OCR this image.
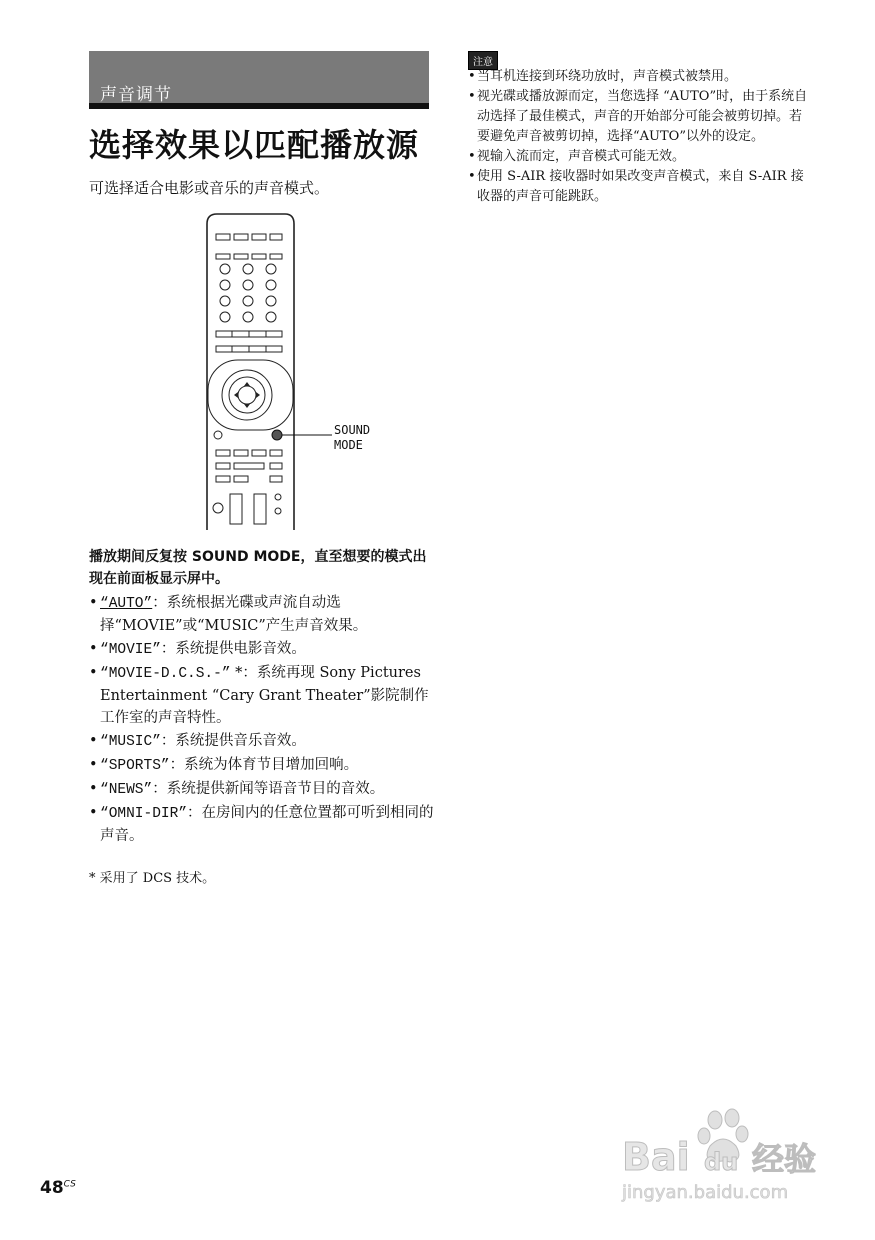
声音调节
选择效果以匹配播放源
可选择适合电影或音乐的声音模式。
SOUND
MODE
播放期间反复按 SOUND MODE，直至想要的模式出现在前面板显示屏中。
• “AUTO”：系统根据光碟或声流自动选择“MOVIE”或“MUSIC”产生声音效果。
• “MOVIE”：系统提供电影音效。
• “MOVIE-D.C.S.-” *：系统再现 Sony Pictures Entertainment “Cary Grant Theater”影院制作工作室的声音特性。
• “MUSIC”：系统提供音乐音效。
• “SPORTS”：系统为体育节目增加回响。
• “NEWS”：系统提供新闻等语音节目的音效。
• “OMNI-DIR”：在房间内的任意位置都可听到相同的声音。
* 采用了 DCS 技术。
注意
• 当耳机连接到环绕功放时，声音模式被禁用。
• 视光碟或播放源而定，当您选择 “AUTO”时，由于系统自动选择了最佳模式，声音的开始部分可能会被剪切掉。若要避免声音被剪切掉，选择“AUTO”以外的设定。
• 视输入流而定，声音模式可能无效。
• 使用 S-AIR 接收器时如果改变声音模式，来自 S-AIR 接收器的声音可能跳跃。
$48^{CS}$
Bai du 经验
jingyan.baidu.com
